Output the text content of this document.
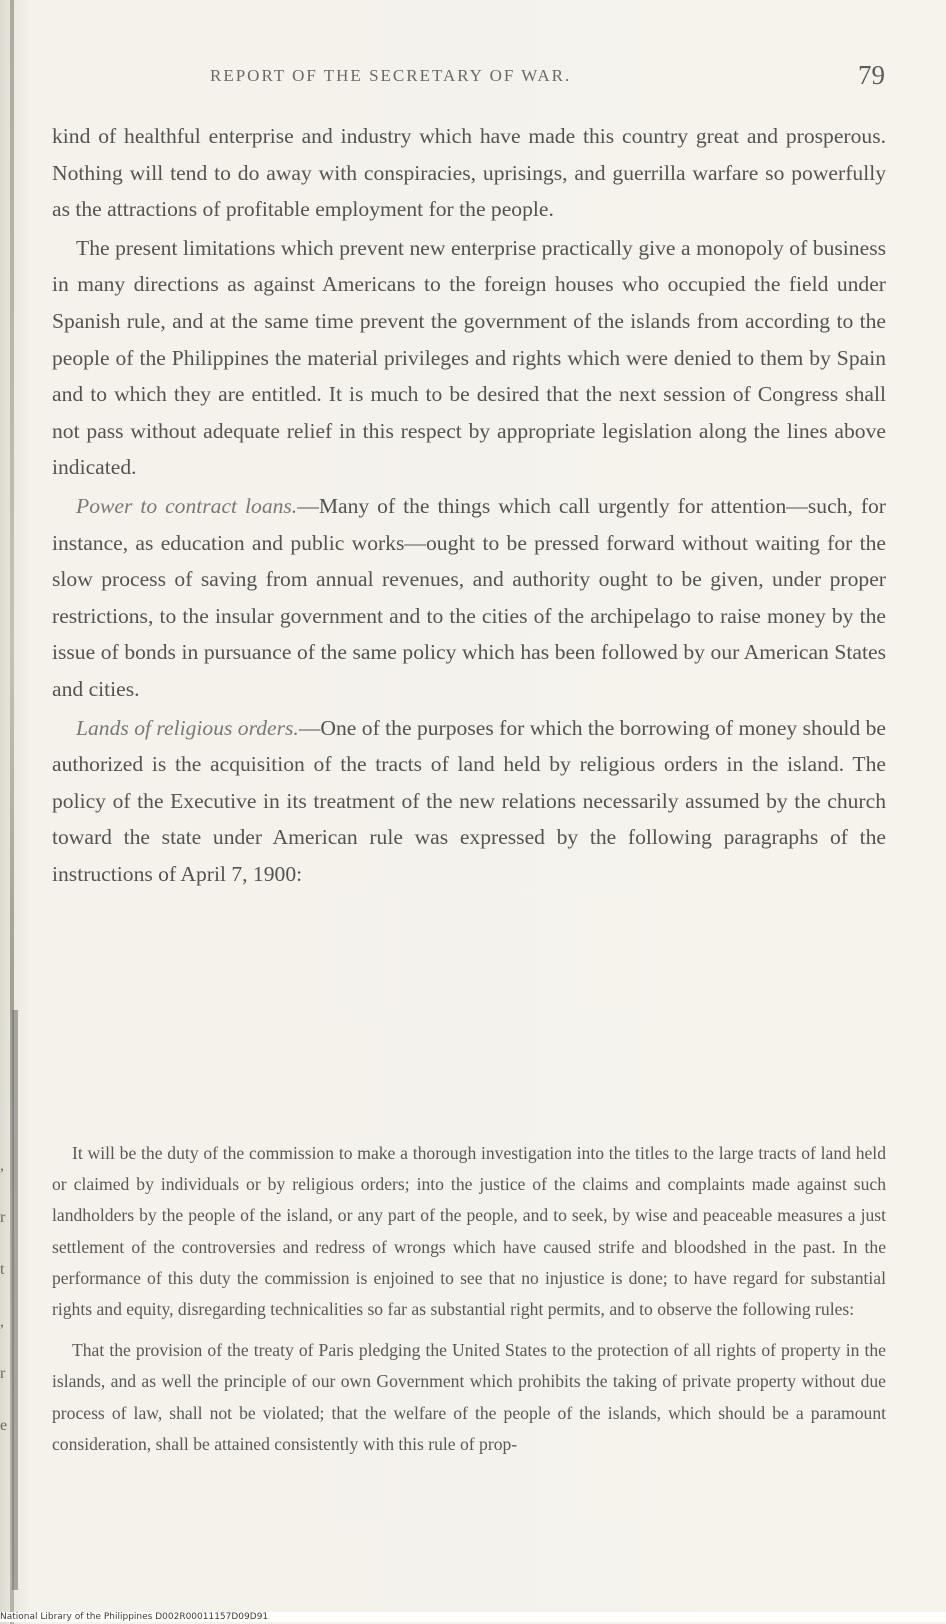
,
r
t
,
r
e
REPORT OF THE SECRETARY OF WAR.	79

kind of healthful enterprise and industry which have made this country great and prosperous. Nothing will tend to do away with conspiracies, uprisings, and guerrilla warfare so powerfully as the attractions of profitable employment for the people.

The present limitations which prevent new enterprise practically give a monopoly of business in many directions as against Americans to the foreign houses who occupied the field under Spanish rule, and at the same time prevent the government of the islands from according to the people of the Philippines the material privileges and rights which were denied to them by Spain and to which they are entitled. It is much to be desired that the next session of Congress shall not pass without adequate relief in this respect by appropriate legislation along the lines above indicated.

Power to contract loans.—Many of the things which call urgently for attention—such, for instance, as education and public works—ought to be pressed forward without waiting for the slow process of saving from annual revenues, and authority ought to be given, under proper restrictions, to the insular government and to the cities of the archipelago to raise money by the issue of bonds in pursuance of the same policy which has been followed by our American States and cities.

Lands of religious orders.—One of the purposes for which the borrowing of money should be authorized is the acquisition of the tracts of land held by religious orders in the island. The policy of the Executive in its treatment of the new relations necessarily assumed by the church toward the state under American rule was expressed by the following paragraphs of the instructions of April 7, 1900:

It will be the duty of the commission to make a thorough investigation into the titles to the large tracts of land held or claimed by individuals or by religious orders; into the justice of the claims and complaints made against such landholders by the people of the island, or any part of the people, and to seek, by wise and peaceable measures a just settlement of the controversies and redress of wrongs which have caused strife and bloodshed in the past. In the performance of this duty the commission is enjoined to see that no injustice is done; to have regard for substantial rights and equity, disregarding technicalities so far as substantial right permits, and to observe the following rules:

That the provision of the treaty of Paris pledging the United States to the protection of all rights of property in the islands, and as well the principle of our own Government which prohibits the taking of private property without due process of law, shall not be violated; that the welfare of the people of the islands, which should be a paramount consideration, shall be attained consistently with this rule of prop-

National Library of the Philippines D002R00011157D09D91
